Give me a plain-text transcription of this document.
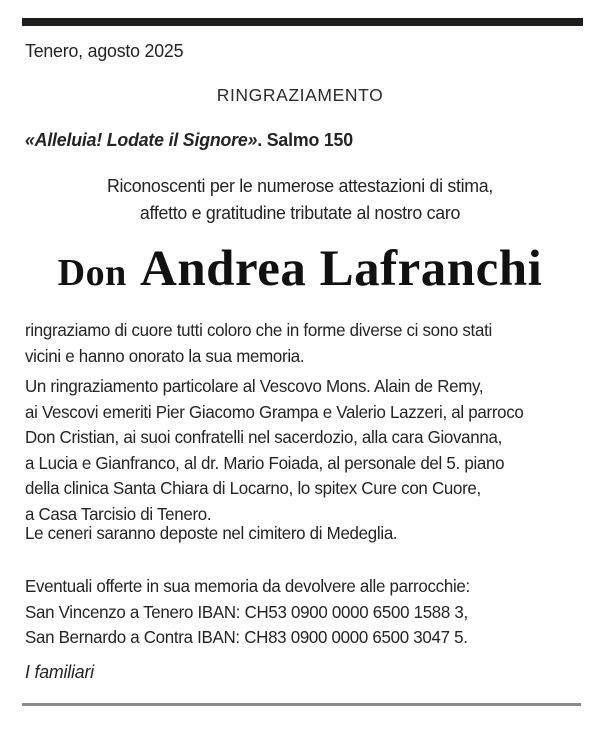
Tenero, agosto 2025
RINGRAZIAMENTO
«Alleluia! Lodate il Signore». Salmo 150
Riconoscenti per le numerose attestazioni di stima,
affetto e gratitudine tributate al nostro caro
Don Andrea Lafranchi
ringraziamo di cuore tutti coloro che in forme diverse ci sono stati
vicini e hanno onorato la sua memoria.
Un ringraziamento particolare al Vescovo Mons. Alain de Remy,
ai Vescovi emeriti Pier Giacomo Grampa e Valerio Lazzeri, al parroco
Don Cristian, ai suoi confratelli nel sacerdozio, alla cara Giovanna,
a Lucia e Gianfranco, al dr. Mario Foiada, al personale del 5. piano
della clinica Santa Chiara di Locarno, lo spitex Cure con Cuore,
a Casa Tarcisio di Tenero.
Le ceneri saranno deposte nel cimitero di Medeglia.
Eventuali offerte in sua memoria da devolvere alle parrocchie:
San Vincenzo a Tenero IBAN: CH53 0900 0000 6500 1588 3,
San Bernardo a Contra IBAN: CH83 0900 0000 6500 3047 5.
I familiari
